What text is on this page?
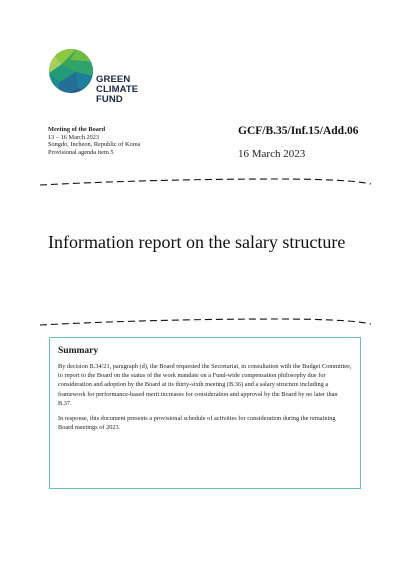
GREEN
CLIMATE
FUND
Meeting of the Board
13 – 16 March 2023
Songdo, Incheon, Republic of Korea
Provisional agenda item 5
GCF/B.35/Inf.15/Add.06
16 March 2023
Information report on the salary structure
Summary

By decision B.34/21, paragraph (d), the Board requested the Secretariat, in consultation with the Budget Committee, to report to the Board on the status of the work mandate on a Fund-wide compensation philosophy due for consideration and adoption by the Board at its thirty-sixth meeting (B.36) and a salary structure including a framework for performance-based merit increases for consideration and approval by the Board by no later than B.37.

In response, this document presents a provisional schedule of activities for consideration during the remaining Board meetings of 2023.
